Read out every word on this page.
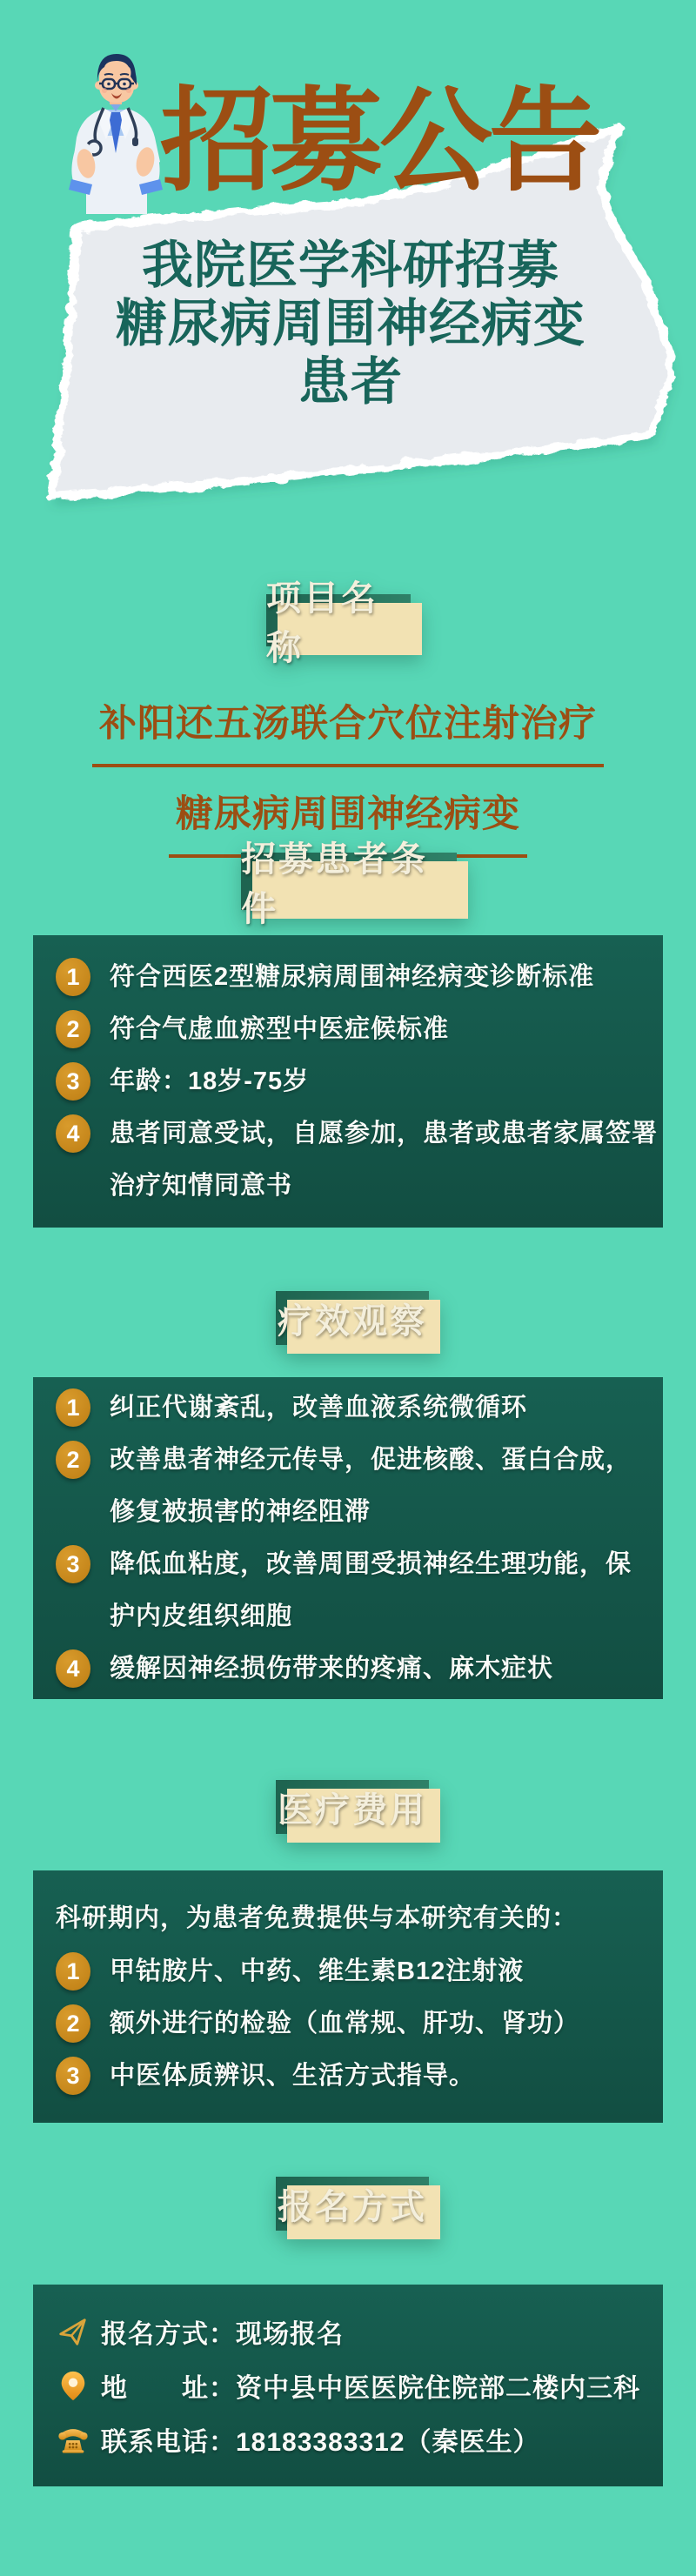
招募公告
我院医学科研招募
糖尿病周围神经病变
患者
项目名称
补阳还五汤联合穴位注射治疗
糖尿病周围神经病变
招募患者条件
1	符合西医2型糖尿病周围神经病变诊断标准
2	符合气虚血瘀型中医症候标准
3	年龄：18岁-75岁
4	患者同意受试，自愿参加，患者或患者家属签署
治疗知情同意书
疗效观察
1	纠正代谢紊乱，改善血液系统微循环
2	改善患者神经元传导，促进核酸、蛋白合成，
修复被损害的神经阻滞
3	降低血粘度，改善周围受损神经生理功能，保
护内皮组织细胞
4	缓解因神经损伤带来的疼痛、麻木症状
医疗费用
科研期内，为患者免费提供与本研究有关的：
1	甲钴胺片、中药、维生素B12注射液
2	额外进行的检验（血常规、肝功、肾功）
3	中医体质辨识、生活方式指导。
报名方式
报名方式：现场报名
地　　址：资中县中医医院住院部二楼内三科
联系电话：18183383312（秦医生）
